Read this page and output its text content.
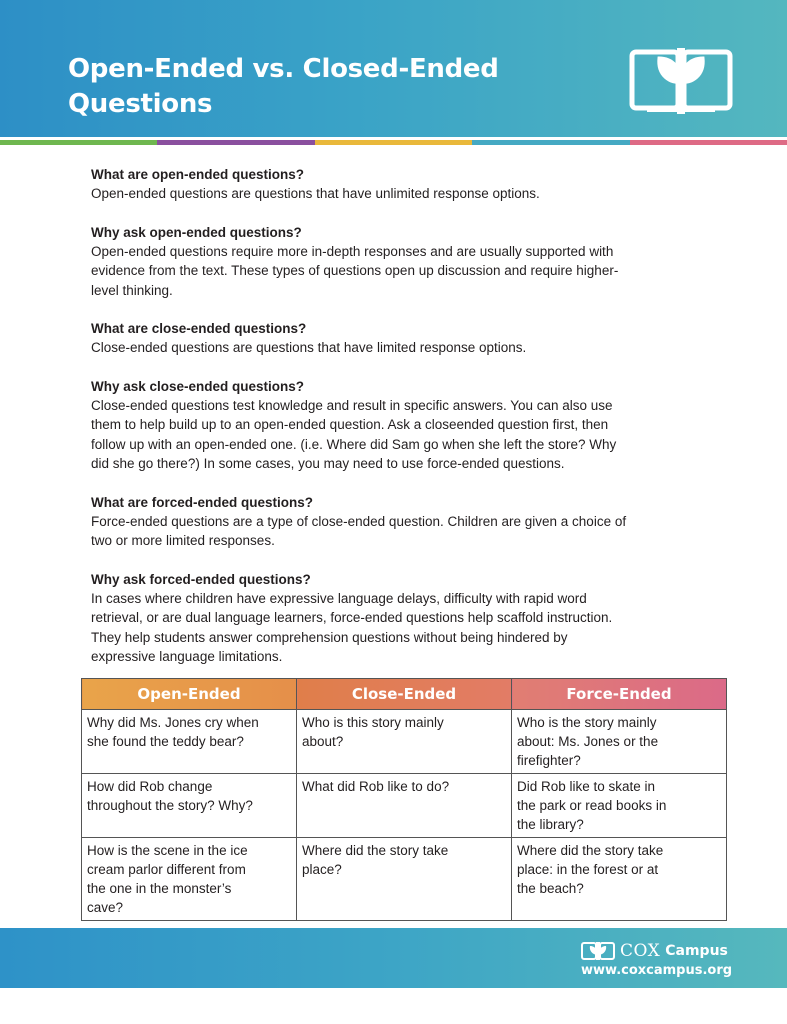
Open-Ended vs. Closed-Ended
Questions

What are open-ended questions?

Open-ended questions are questions that have unlimited response options.

Why ask open-ended questions?

Open-ended questions require more in-depth responses and are usually supported with

evidence from the text. These types of questions open up discussion and require higher-

level thinking.

What are close-ended questions?

Close-ended questions are questions that have limited response options.

Why ask close-ended questions?

Close-ended questions test knowledge and result in specific answers. You can also use

them to help build up to an open-ended question. Ask a closeended question first, then

follow up with an open-ended one. (i.e. Where did Sam go when she left the store? Why

did she go there?) In some cases, you may need to use force-ended questions.

What are forced-ended questions?

Force-ended questions are a type of close-ended question. Children are given a choice of

two or more limited responses.

Why ask forced-ended questions?

In cases where children have expressive language delays, difficulty with rapid word

retrieval, or are dual language learners, force-ended questions help scaffold instruction.

They help students answer comprehension questions without being hindered by

expressive language limitations.

Open-Ended	Close-Ended	Force-Ended
Why did Ms. Jones cry when
she found the teddy bear?	Who is this story mainly
about?	Who is the story mainly
about: Ms. Jones or the
firefighter?
How did Rob change
throughout the story? Why?	What did Rob like to do?	Did Rob like to skate in
the park or read books in
the library?
How is the scene in the ice
cream parlor different from
the one in the monster’s
cave?	Where did the story take
place?	Where did the story take
place: in the forest or at
the beach?
COX Campus
www.coxcampus.org
